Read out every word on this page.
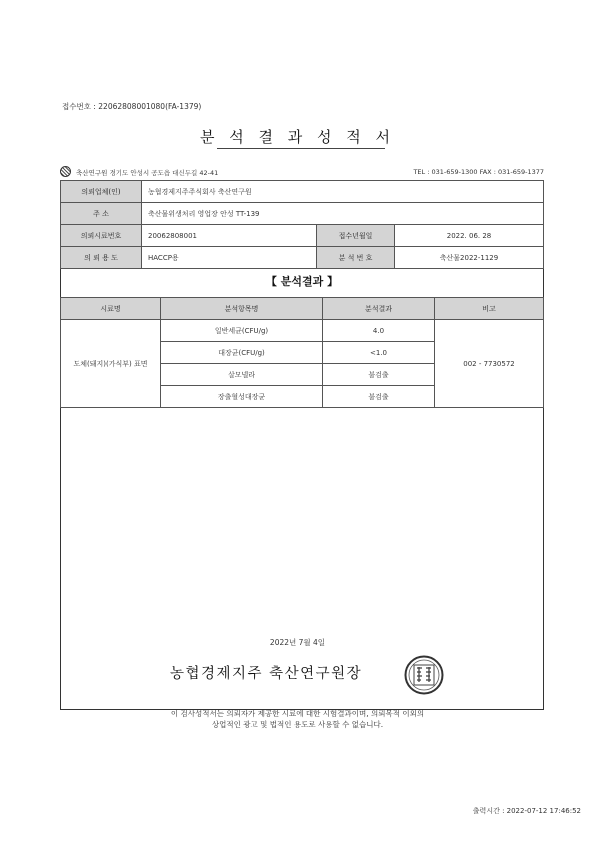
접수번호 : 22062808001080(FA-1379)
분 석 결 과 성 적 서
축산연구원 경기도 안성시 공도읍 대신두길 42-41	TEL : 031-659-1300 FAX : 031-659-1377
의뢰업체(인)	농협경제지주주식회사 축산연구원		
주 소	축산물위생처리 영업장 안성 TT-139		
의뢰시료번호	20062808001	접수년월일	2022. 06. 28
의 뢰 용 도	HACCP용	분 석 번 호	축산물2022-1129
【 분석결과 】
시료명	분석항목명	분석결과	비고
도체(돼지)(가식부) 표면	일반세균(CFU/g)	4.0	002 - 7730572
	대장균(CFU/g)	<1.0	
	살모넬라	불검출	
	장출혈성대장균	불검출	
2022년 7월 4일
농협경제지주 축산연구원장
이 검사성적서는 의뢰자가 제공한 시료에 대한 시험결과이며, 의뢰목적 이외의
상업적인 광고 및 법적인 용도로 사용할 수 없습니다.
출력시간 : 2022-07-12 17:46:52
